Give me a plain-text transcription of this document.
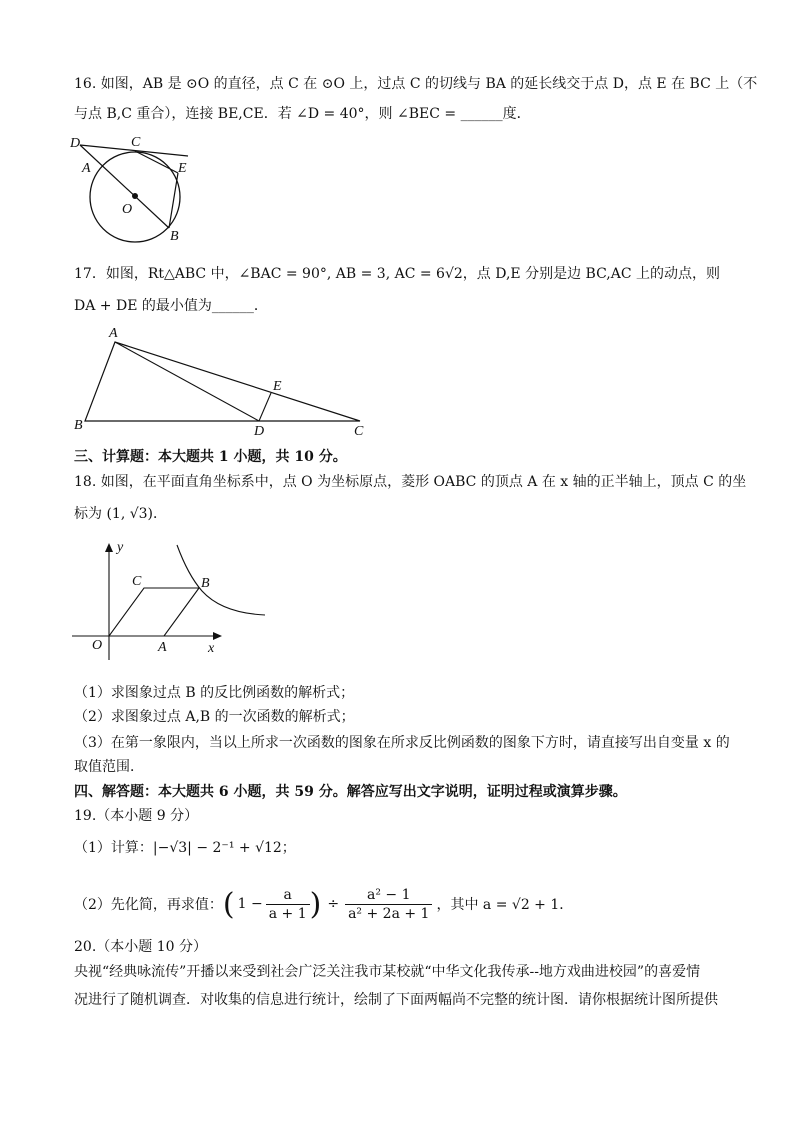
16. 如图，AB 是 ⊙O 的直径，点 C 在 ⊙O 上，过点 C 的切线与 BA 的延长线交于点 D，点 E 在 BC 上（不
与点 B,C 重合），连接 BE,CE．若 ∠D = 40°，则 ∠BEC = ______度．
D	C
A	E
O
B
17．如图，Rt△ABC 中，∠BAC = 90°, AB = 3, AC = 6√2，点 D,E 分别是边 BC,AC 上的动点，则
DA + DE 的最小值为______．
A
E
B	D	C
三、计算题：本大题共 1 小题，共 10 分。
18. 如图，在平面直角坐标系中，点 O 为坐标原点，菱形 OABC 的顶点 A 在 x 轴的正半轴上，顶点 C 的坐
标为 (1, √3)．
y
C	B
O	A	x
（1）求图象过点 B 的反比例函数的解析式；
（2）求图象过点 A,B 的一次函数的解析式；
（3）在第一象限内，当以上所求一次函数的图象在所求反比例函数的图象下方时，请直接写出自变量 x 的
取值范围．
四、解答题：本大题共 6 小题，共 59 分。解答应写出文字说明，证明过程或演算步骤。
19.（本小题 9 分）
（1）计算：|−√3| − 2⁻¹ + √12；
（2）先化简，再求值： ( $1 - \frac{a}{a + 1}$ ) ÷ $\frac{\text{a² − 1}}{\text{a² + 2a + 1}}$ ，其中 a = √2 + 1．
20.（本小题 10 分）
央视“经典咏流传”开播以来受到社会广泛关注我市某校就“中华文化我传承--地方戏曲进校园”的喜爱情
况进行了随机调查．对收集的信息进行统计，绘制了下面两幅尚不完整的统计图．请你根据统计图所提供
